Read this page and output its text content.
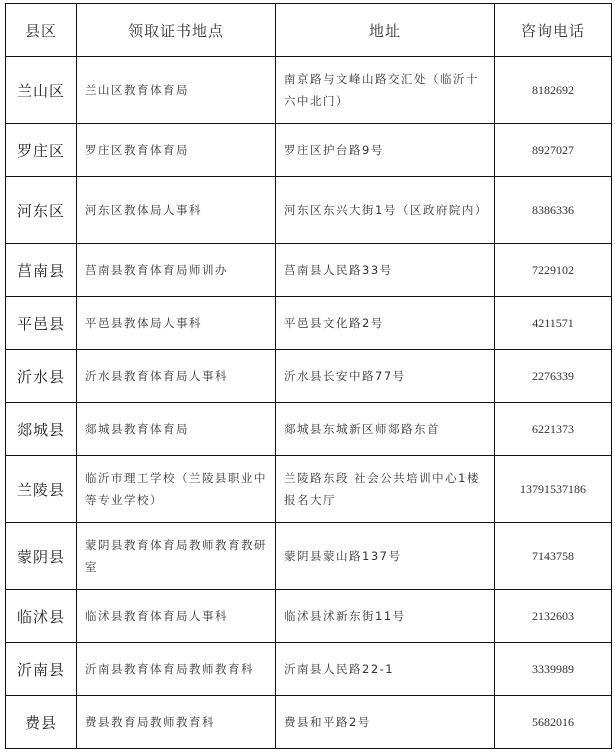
县区	领取证书地点	地址	咨询电话
兰山区	兰山区教育体育局	南京路与文峰山路交汇处（临沂十六中北门）	8182692
罗庄区	罗庄区教育体育局	罗庄区护台路9号	8927027
河东区	河东区教体局人事科	河东区东兴大街1号（区政府院内）	8386336
莒南县	莒南县教育体育局师训办	莒南县人民路33号	7229102
平邑县	平邑县教体局人事科	平邑县文化路2号	4211571
沂水县	沂水县教育体育局人事科	沂水县长安中路77号	2276339
郯城县	郯城县教育体育局	郯城县东城新区师郯路东首	6221373
兰陵县	临沂市理工学校（兰陵县职业中等专业学校）	兰陵路东段 社会公共培训中心1楼报名大厅	13791537186
蒙阴县	蒙阴县教育体育局教师教育教研室	蒙阴县蒙山路137号	7143758
临沭县	临沭县教育体育局人事科	临沭县沭新东街11号	2132603
沂南县	沂南县教育体育局教师教育科	沂南县人民路22-1	3339989
费县	费县教育局教师教育科	费县和平路2号	5682016
